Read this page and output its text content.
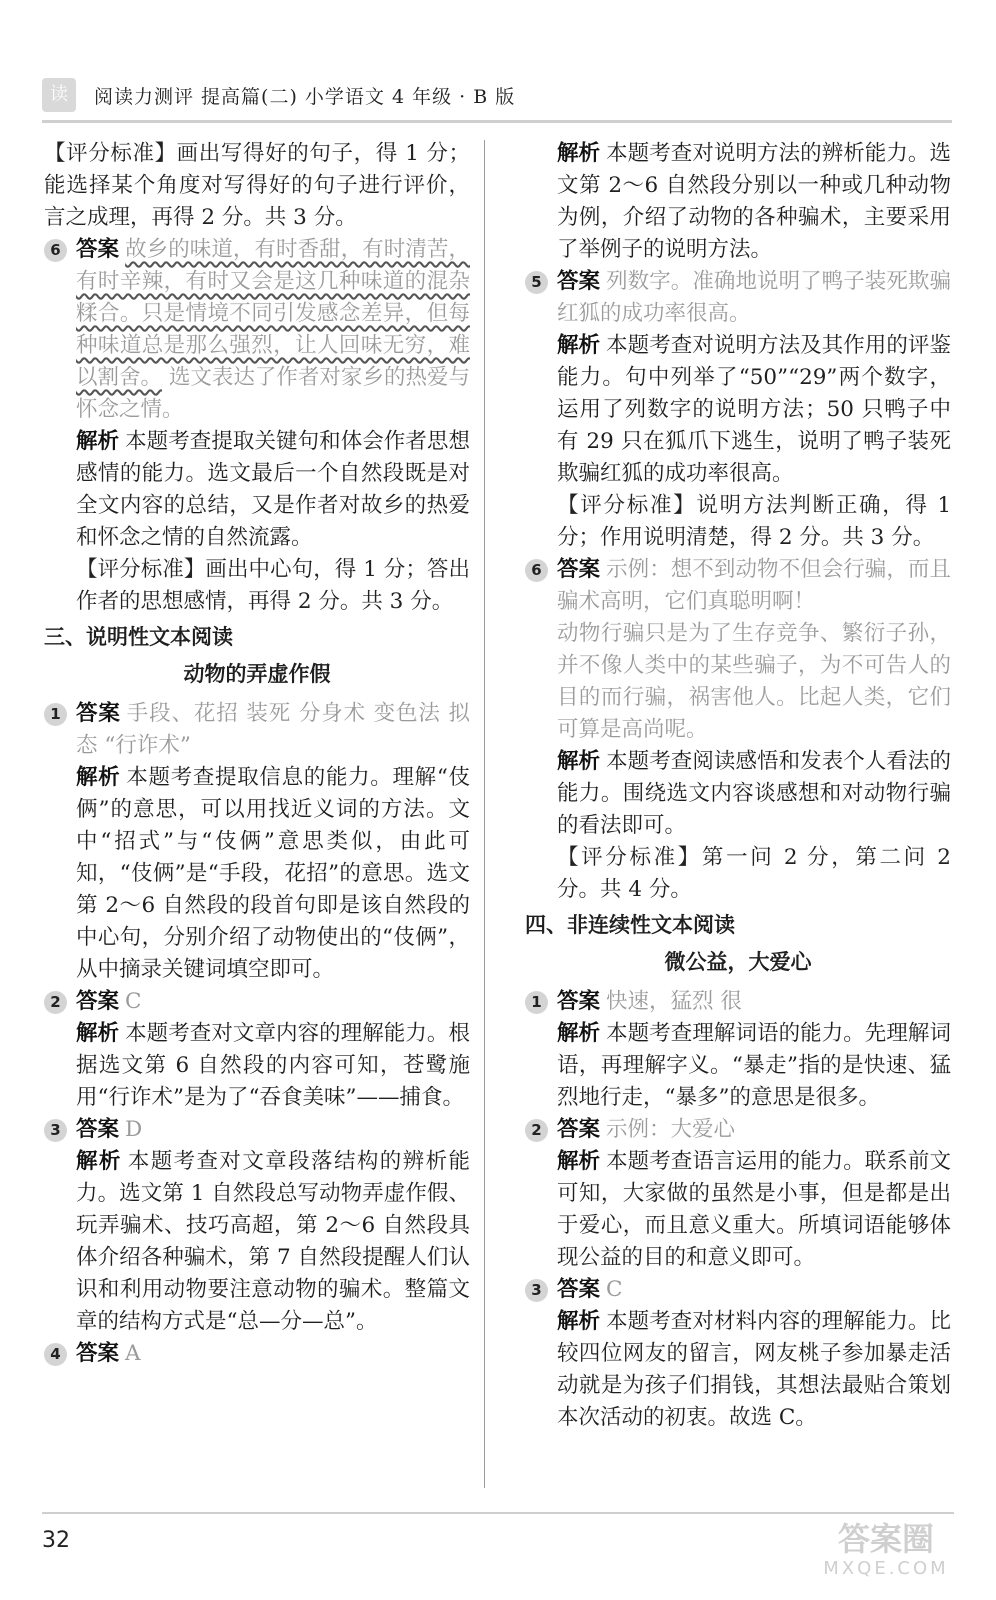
读	阅读力测评 提高篇(二) 小学语文 4 年级 · B 版

【评分标准】画出写得好的句子，得 1 分；能选择某个角度对写得好的句子进行评价，言之成理，再得 2 分。共 3 分。

6 答案 故乡的味道，有时香甜，有时清苦，有时辛辣，有时又会是这几种味道的混杂糅合。只是情境不同引发感念差异，但每种味道总是那么强烈，让人回味无穷，难以割舍。 选文表达了作者对家乡的热爱与怀念之情。

解析 本题考查提取关键句和体会作者思想感情的能力。选文最后一个自然段既是对全文内容的总结，又是作者对故乡的热爱和怀念之情的自然流露。

【评分标准】画出中心句，得 1 分；答出作者的思想感情，再得 2 分。共 3 分。

三、说明性文本阅读

动物的弄虚作假

1 答案 手段、花招 装死 分身术 变色法 拟态 “行诈术”

解析 本题考查提取信息的能力。理解“伎俩”的意思，可以用找近义词的方法。文中“招式”与“伎俩”意思类似，由此可知，“伎俩”是“手段，花招”的意思。选文第 2～6 自然段的段首句即是该自然段的中心句，分别介绍了动物使出的“伎俩”，从中摘录关键词填空即可。

2 答案 C

解析 本题考查对文章内容的理解能力。根据选文第 6 自然段的内容可知，苍鹭施用“行诈术”是为了“吞食美味”——捕食。

3 答案 D

解析 本题考查对文章段落结构的辨析能力。选文第 1 自然段总写动物弄虚作假、玩弄骗术、技巧高超，第 2～6 自然段具体介绍各种骗术，第 7 自然段提醒人们认识和利用动物要注意动物的骗术。整篇文章的结构方式是“总—分—总”。

4 答案 A

解析 本题考查对说明方法的辨析能力。选文第 2～6 自然段分别以一种或几种动物为例，介绍了动物的各种骗术，主要采用了举例子的说明方法。

5 答案 列数字。准确地说明了鸭子装死欺骗红狐的成功率很高。

解析 本题考查对说明方法及其作用的评鉴能力。句中列举了“50”“29”两个数字，运用了列数字的说明方法；50 只鸭子中有 29 只在狐爪下逃生，说明了鸭子装死欺骗红狐的成功率很高。

【评分标准】说明方法判断正确，得 1 分；作用说明清楚，得 2 分。共 3 分。

6 答案 示例：想不到动物不但会行骗，而且骗术高明，它们真聪明啊！

动物行骗只是为了生存竞争、繁衍子孙，并不像人类中的某些骗子，为不可告人的目的而行骗，祸害他人。比起人类，它们可算是高尚呢。

解析 本题考查阅读感悟和发表个人看法的能力。围绕选文内容谈感想和对动物行骗的看法即可。

【评分标准】第一问 2 分，第二问 2 分。共 4 分。

四、非连续性文本阅读

微公益，大爱心

1 答案 快速，猛烈 很

解析 本题考查理解词语的能力。先理解词语，再理解字义。“暴走”指的是快速、猛烈地行走，“暴多”的意思是很多。

2 答案 示例：大爱心

解析 本题考查语言运用的能力。联系前文可知，大家做的虽然是小事，但是都是出于爱心，而且意义重大。所填词语能够体现公益的目的和意义即可。

3 答案 C

解析 本题考查对材料内容的理解能力。比较四位网友的留言，网友桃子参加暴走活动就是为孩子们捐钱，其想法最贴合策划本次活动的初衷。故选 C。

32	答案圈
MXQE.COM
